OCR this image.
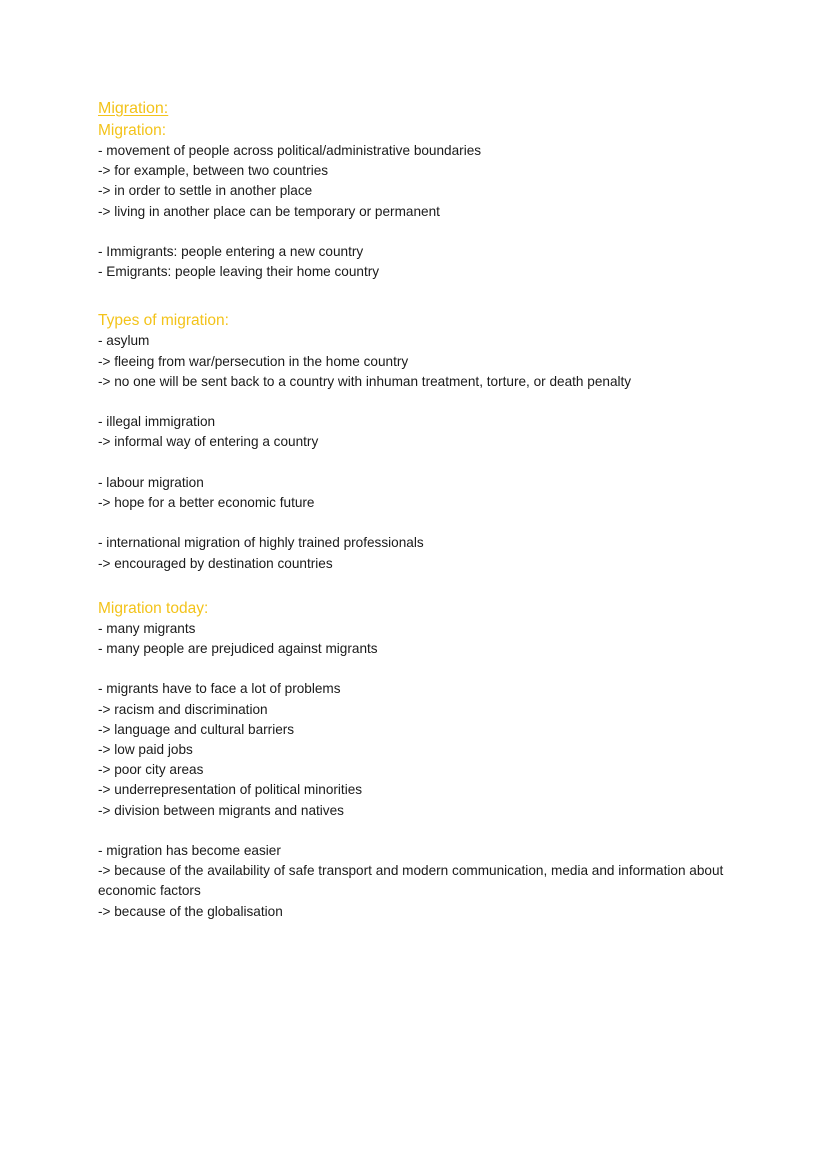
Migration:
Migration:

- movement of people across political/administrative boundaries

-> for example, between two countries

-> in order to settle in another place

-> living in another place can be temporary or permanent

- Immigrants: people entering a new country

- Emigrants: people leaving their home country

Types of migration:

- asylum

-> fleeing from war/persecution in the home country

-> no one will be sent back to a country with inhuman treatment, torture, or death penalty

- illegal immigration

-> informal way of entering a country

- labour migration

-> hope for a better economic future

- international migration of highly trained professionals

-> encouraged by destination countries

Migration today:

- many migrants

- many people are prejudiced against migrants

- migrants have to face a lot of problems

-> racism and discrimination

-> language and cultural barriers

-> low paid jobs

-> poor city areas

-> underrepresentation of political minorities

-> division between migrants and natives

- migration has become easier

-> because of the availability of safe transport and modern communication, media and information about economic factors

-> because of the globalisation
